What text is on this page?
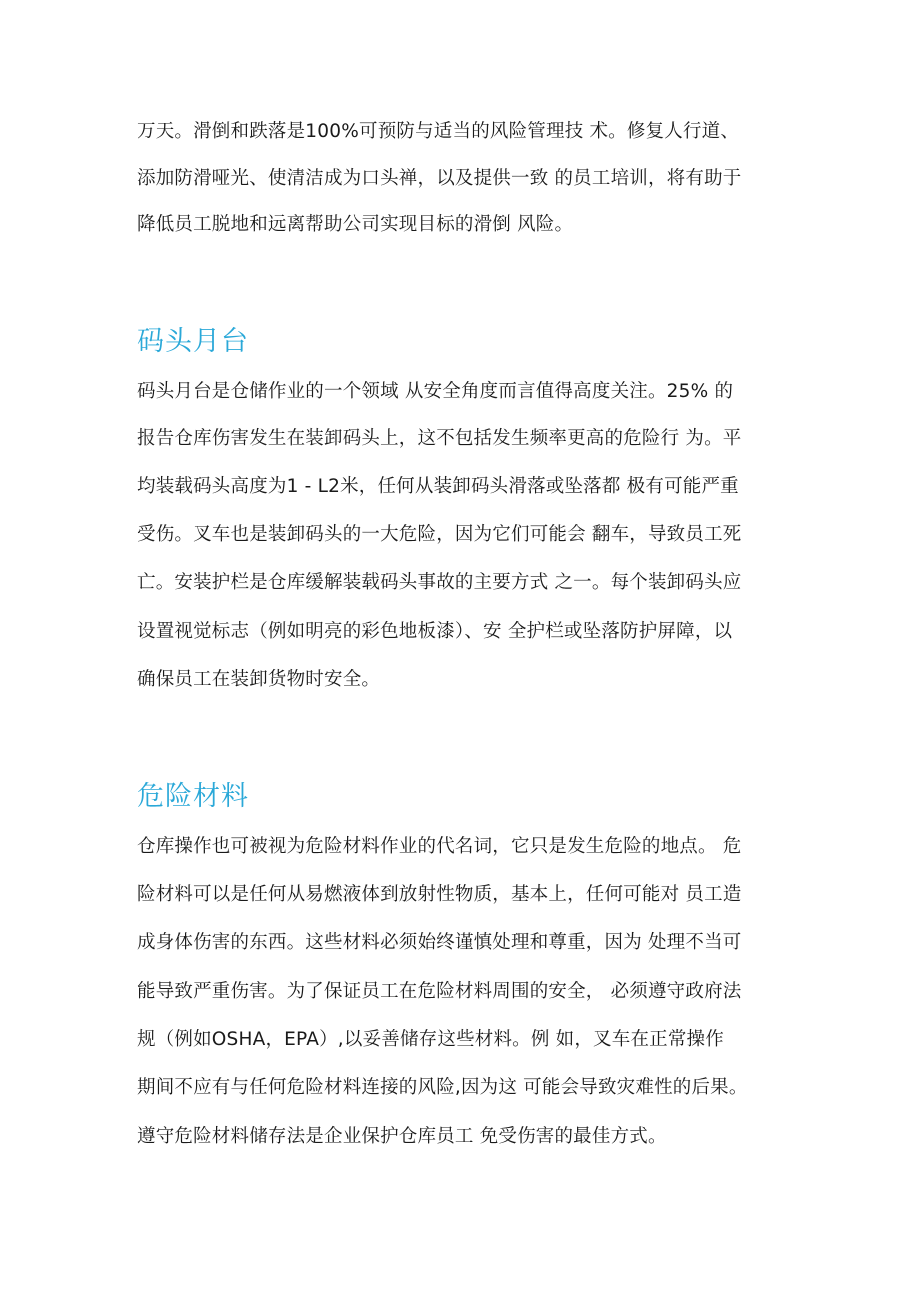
万天。滑倒和跌落是100%可预防与适当的风险管理技 术。修复人行道、
添加防滑哑光、使清洁成为口头禅，以及提供一致 的员工培训，将有助于
降低员工脱地和远离帮助公司实现目标的滑倒 风险。
码头月台
码头月台是仓储作业的一个领域 从安全角度而言值得高度关注。25% 的
报告仓库伤害发生在装卸码头上，这不包括发生频率更高的危险行 为。平
均装载码头高度为1 - L2米，任何从装卸码头滑落或坠落都 极有可能严重
受伤。叉车也是装卸码头的一大危险，因为它们可能会 翻车，导致员工死
亡。安装护栏是仓库缓解装载码头事故的主要方式 之一。每个装卸码头应
设置视觉标志（例如明亮的彩色地板漆）、安 全护栏或坠落防护屏障，以
确保员工在装卸货物时安全。
危险材料
仓库操作也可被视为危险材料作业的代名词，它只是发生危险的地点。 危
险材料可以是任何从易燃液体到放射性物质，基本上，任何可能对 员工造
成身体伤害的东西。这些材料必须始终谨慎处理和尊重，因为 处理不当可
能导致严重伤害。为了保证员工在危险材料周围的安全， 必须遵守政府法
规（例如OSHA，EPA）,以妥善储存这些材料。例 如，叉车在正常操作
期间不应有与任何危险材料连接的风险,因为这 可能会导致灾难性的后果。
遵守危险材料储存法是企业保护仓库员工 免受伤害的最佳方式。
